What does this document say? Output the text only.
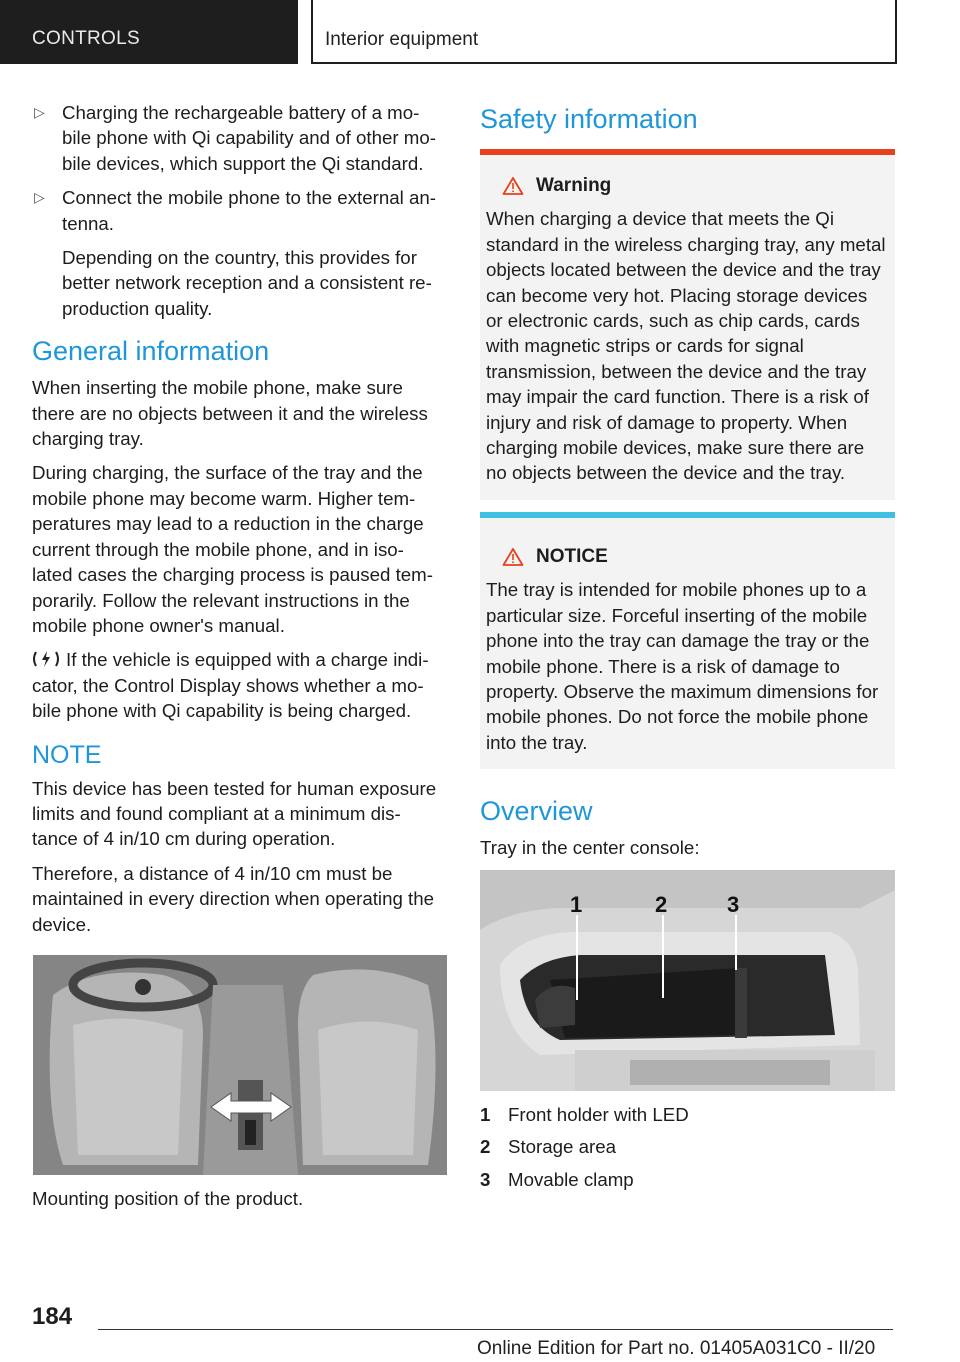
CONTROLS	Interior equipment
▷ Charging the rechargeable battery of a mo- bile phone with Qi capability and of other mo- bile devices, which support the Qi standard.

▷ Connect the mobile phone to the external an- tenna.

Depending on the country, this provides for better network reception and a consistent re- production quality.

General information

When inserting the mobile phone, make sure there are no objects between it and the wireless charging tray.

During charging, the surface of the tray and the mobile phone may become warm. Higher tem- peratures may lead to a reduction in the charge current through the mobile phone, and in iso- lated cases the charging process is paused tem- porarily. Follow the relevant instructions in the mobile phone owner's manual.

If the vehicle is equipped with a charge indi- cator, the Control Display shows whether a mo- bile phone with Qi capability is being charged.

NOTE

This device has been tested for human exposure limits and found compliant at a minimum dis- tance of 4 in/10 cm during operation.

Therefore, a distance of 4 in/10 cm must be maintained in every direction when operating the device.

Mounting position of the product.

Safety information
Warning

When charging a device that meets the Qi standard in the wireless charging tray, any metal objects located between the device and the tray can become very hot. Placing storage devices or electronic cards, such as chip cards, cards with magnetic strips or cards for signal transmission, between the device and the tray may impair the card function. There is a risk of injury and risk of damage to property. When charging mobile devices, make sure there are no objects between the device and the tray.

NOTICE

The tray is intended for mobile phones up to a particular size. Forceful inserting of the mobile phone into the tray can damage the tray or the mobile phone. There is a risk of damage to property. Observe the maximum dimensions for mobile phones. Do not force the mobile phone into the tray.

Overview

Tray in the center console:

1	2	3
1 Front holder with LED
2 Storage area
3 Movable clamp
184
Online Edition for Part no. 01405A031C0 - II/20
